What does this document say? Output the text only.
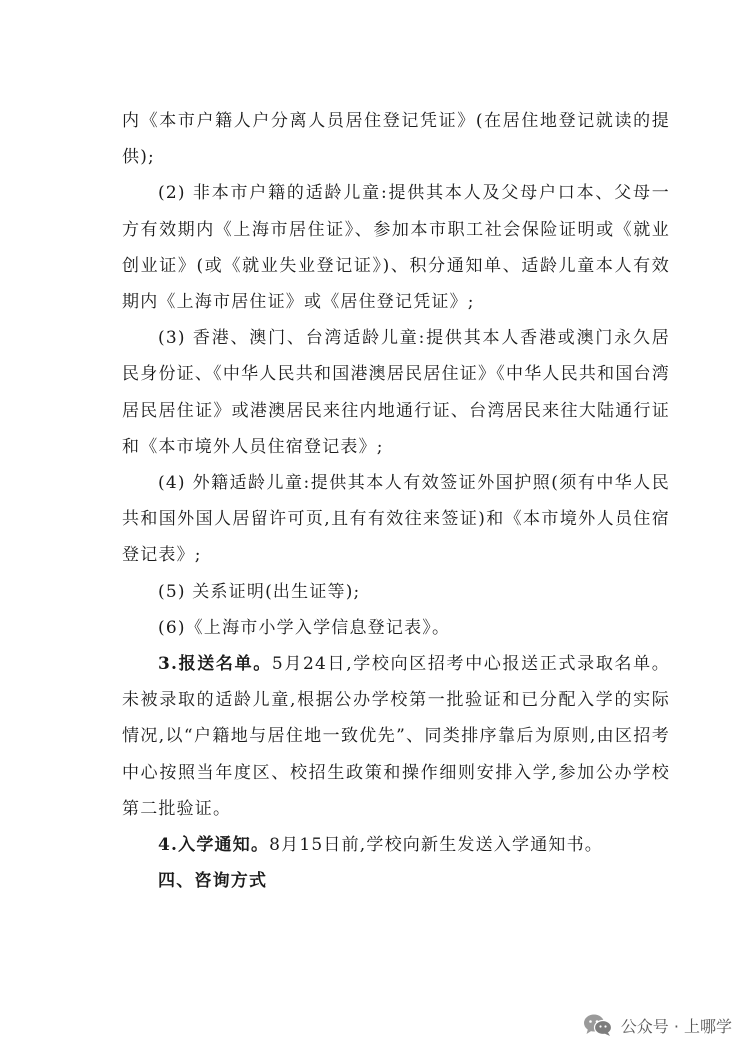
内《本市户籍人户分离人员居住登记凭证》(在居住地登记就读的提供);

(2) 非本市户籍的适龄儿童:提供其本人及父母户口本、父母一方有效期内《上海市居住证》、参加本市职工社会保险证明或《就业创业证》(或《就业失业登记证》)、积分通知单、适龄儿童本人有效期内《上海市居住证》或《居住登记凭证》;

(3) 香港、澳门、台湾适龄儿童:提供其本人香港或澳门永久居民身份证、《中华人民共和国港澳居民居住证》《中华人民共和国台湾居民居住证》或港澳居民来往内地通行证、台湾居民来往大陆通行证和《本市境外人员住宿登记表》;

(4) 外籍适龄儿童:提供其本人有效签证外国护照(须有中华人民共和国外国人居留许可页,且有有效往来签证)和《本市境外人员住宿登记表》;

(5) 关系证明(出生证等);

(6)《上海市小学入学信息登记表》。

3.报送名单。5月24日,学校向区招考中心报送正式录取名单。未被录取的适龄儿童,根据公办学校第一批验证和已分配入学的实际情况,以“户籍地与居住地一致优先”、同类排序靠后为原则,由区招考中心按照当年度区、校招生政策和操作细则安排入学,参加公办学校第二批验证。

4.入学通知。8月15日前,学校向新生发送入学通知书。

四、咨询方式

公众号 · 上哪学
